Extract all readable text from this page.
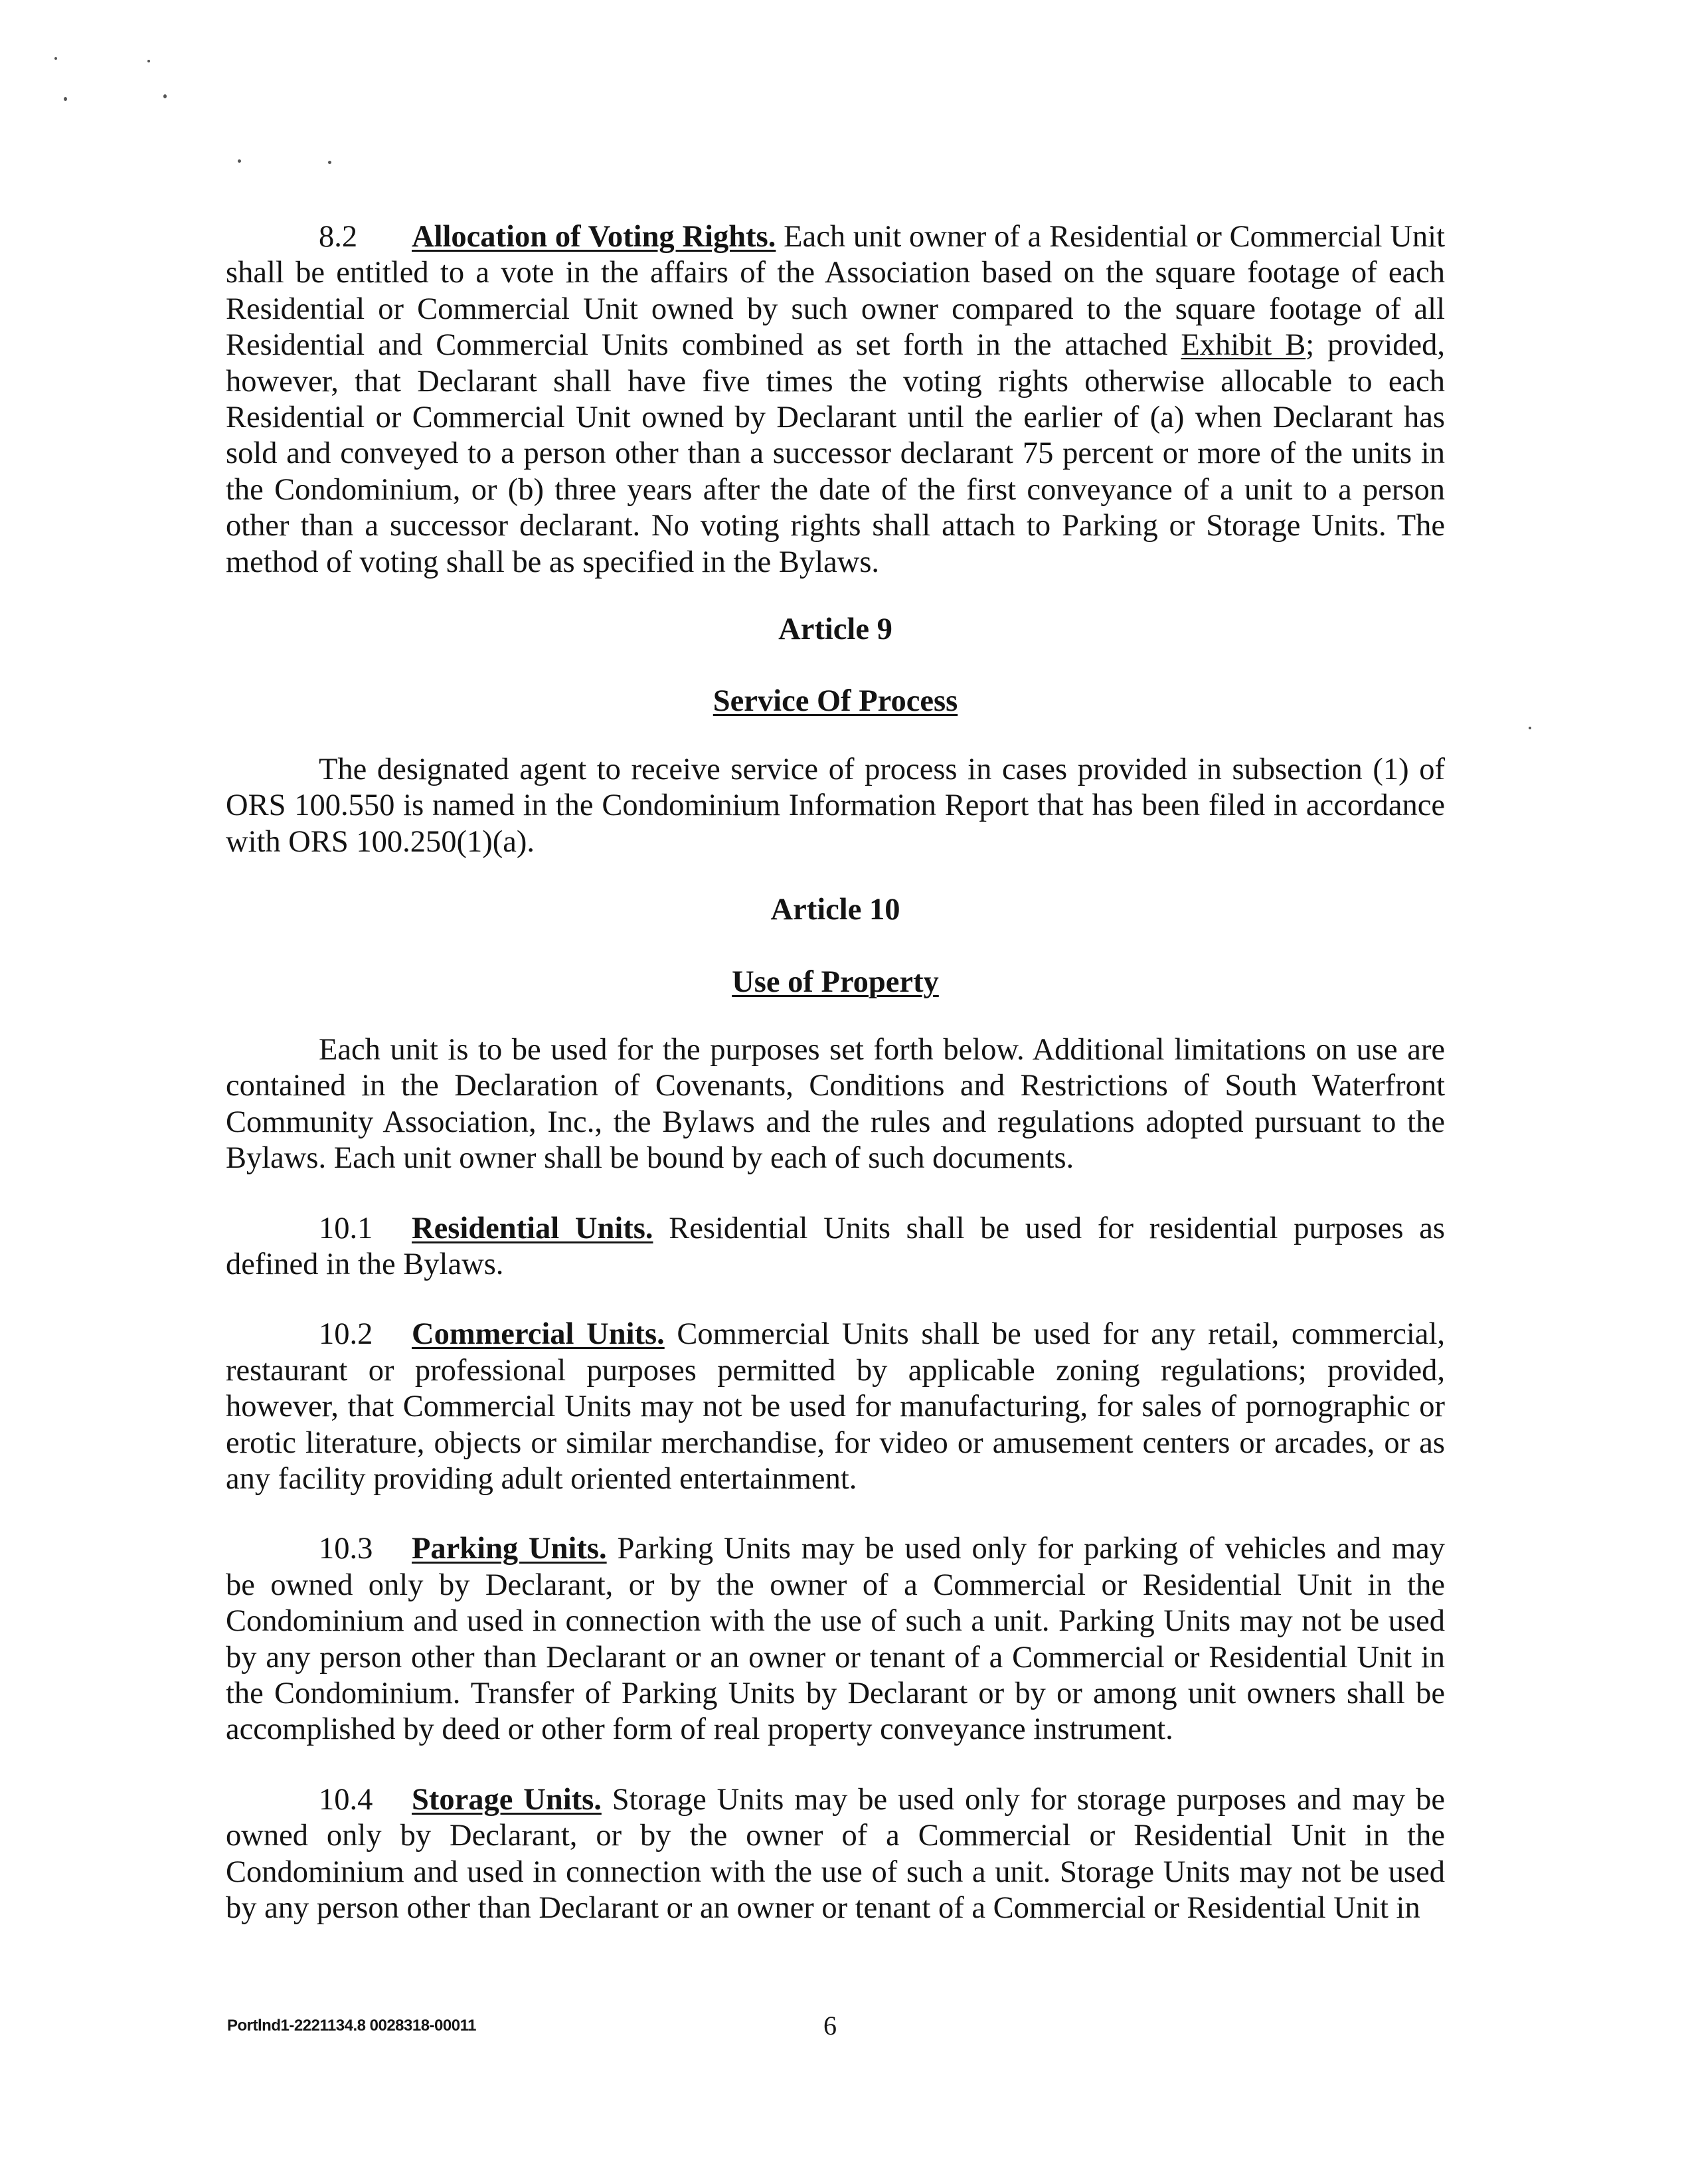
8.2 Allocation of Voting Rights. Each unit owner of a Residential or Commercial Unit shall be entitled to a vote in the affairs of the Association based on the square footage of each Residential or Commercial Unit owned by such owner compared to the square footage of all Residential and Commercial Units combined as set forth in the attached Exhibit B; provided, however, that Declarant shall have five times the voting rights otherwise allocable to each Residential or Commercial Unit owned by Declarant until the earlier of (a) when Declarant has sold and conveyed to a person other than a successor declarant 75 percent or more of the units in the Condominium, or (b) three years after the date of the first conveyance of a unit to a person other than a successor declarant. No voting rights shall attach to Parking or Storage Units. The method of voting shall be as specified in the Bylaws.

Article 9

Service Of Process

The designated agent to receive service of process in cases provided in subsection (1) of ORS 100.550 is named in the Condominium Information Report that has been filed in accordance with ORS 100.250(1)(a).

Article 10

Use of Property

Each unit is to be used for the purposes set forth below. Additional limitations on use are contained in the Declaration of Covenants, Conditions and Restrictions of South Waterfront Community Association, Inc., the Bylaws and the rules and regulations adopted pursuant to the Bylaws. Each unit owner shall be bound by each of such documents.

10.1 Residential Units. Residential Units shall be used for residential purposes as defined in the Bylaws.

10.2 Commercial Units. Commercial Units shall be used for any retail, commercial, restaurant or professional purposes permitted by applicable zoning regulations; provided, however, that Commercial Units may not be used for manufacturing, for sales of pornographic or erotic literature, objects or similar merchandise, for video or amusement centers or arcades, or as any facility providing adult oriented entertainment.

10.3 Parking Units. Parking Units may be used only for parking of vehicles and may be owned only by Declarant, or by the owner of a Commercial or Residential Unit in the Condominium and used in connection with the use of such a unit. Parking Units may not be used by any person other than Declarant or an owner or tenant of a Commercial or Residential Unit in the Condominium. Transfer of Parking Units by Declarant or by or among unit owners shall be accomplished by deed or other form of real property conveyance instrument.

10.4 Storage Units. Storage Units may be used only for storage purposes and may be owned only by Declarant, or by the owner of a Commercial or Residential Unit in the Condominium and used in connection with the use of such a unit. Storage Units may not be used by any person other than Declarant or an owner or tenant of a Commercial or Residential Unit in

Portlnd1-2221134.8 0028318-00011	6
